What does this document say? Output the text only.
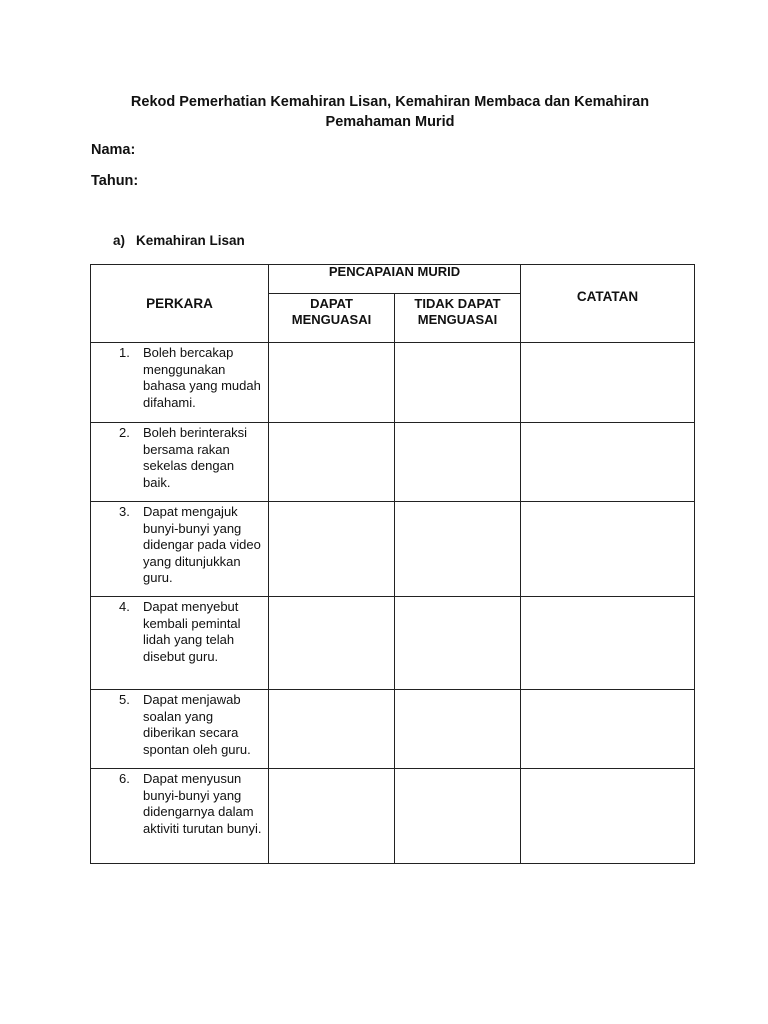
Rekod Pemerhatian Kemahiran Lisan, Kemahiran Membaca dan Kemahiran
Pemahaman Murid
Nama:
Tahun:
a) Kemahiran Lisan
PERKARA	PENCAPAIAN MURID		CATATAN
	DAPAT MENGUASAI	TIDAK DAPAT MENGUASAI	

1. Boleh bercakap menggunakan bahasa yang mudah difahami.			

2. Boleh berinteraksi bersama rakan sekelas dengan baik.			

3. Dapat mengajuk bunyi-bunyi yang didengar pada video yang ditunjukkan guru.			

4. Dapat menyebut kembali pemintal lidah yang telah disebut guru.			

5. Dapat menjawab soalan yang diberikan secara spontan oleh guru.			

6. Dapat menyusun bunyi-bunyi yang didengarnya dalam aktiviti turutan bunyi.			
